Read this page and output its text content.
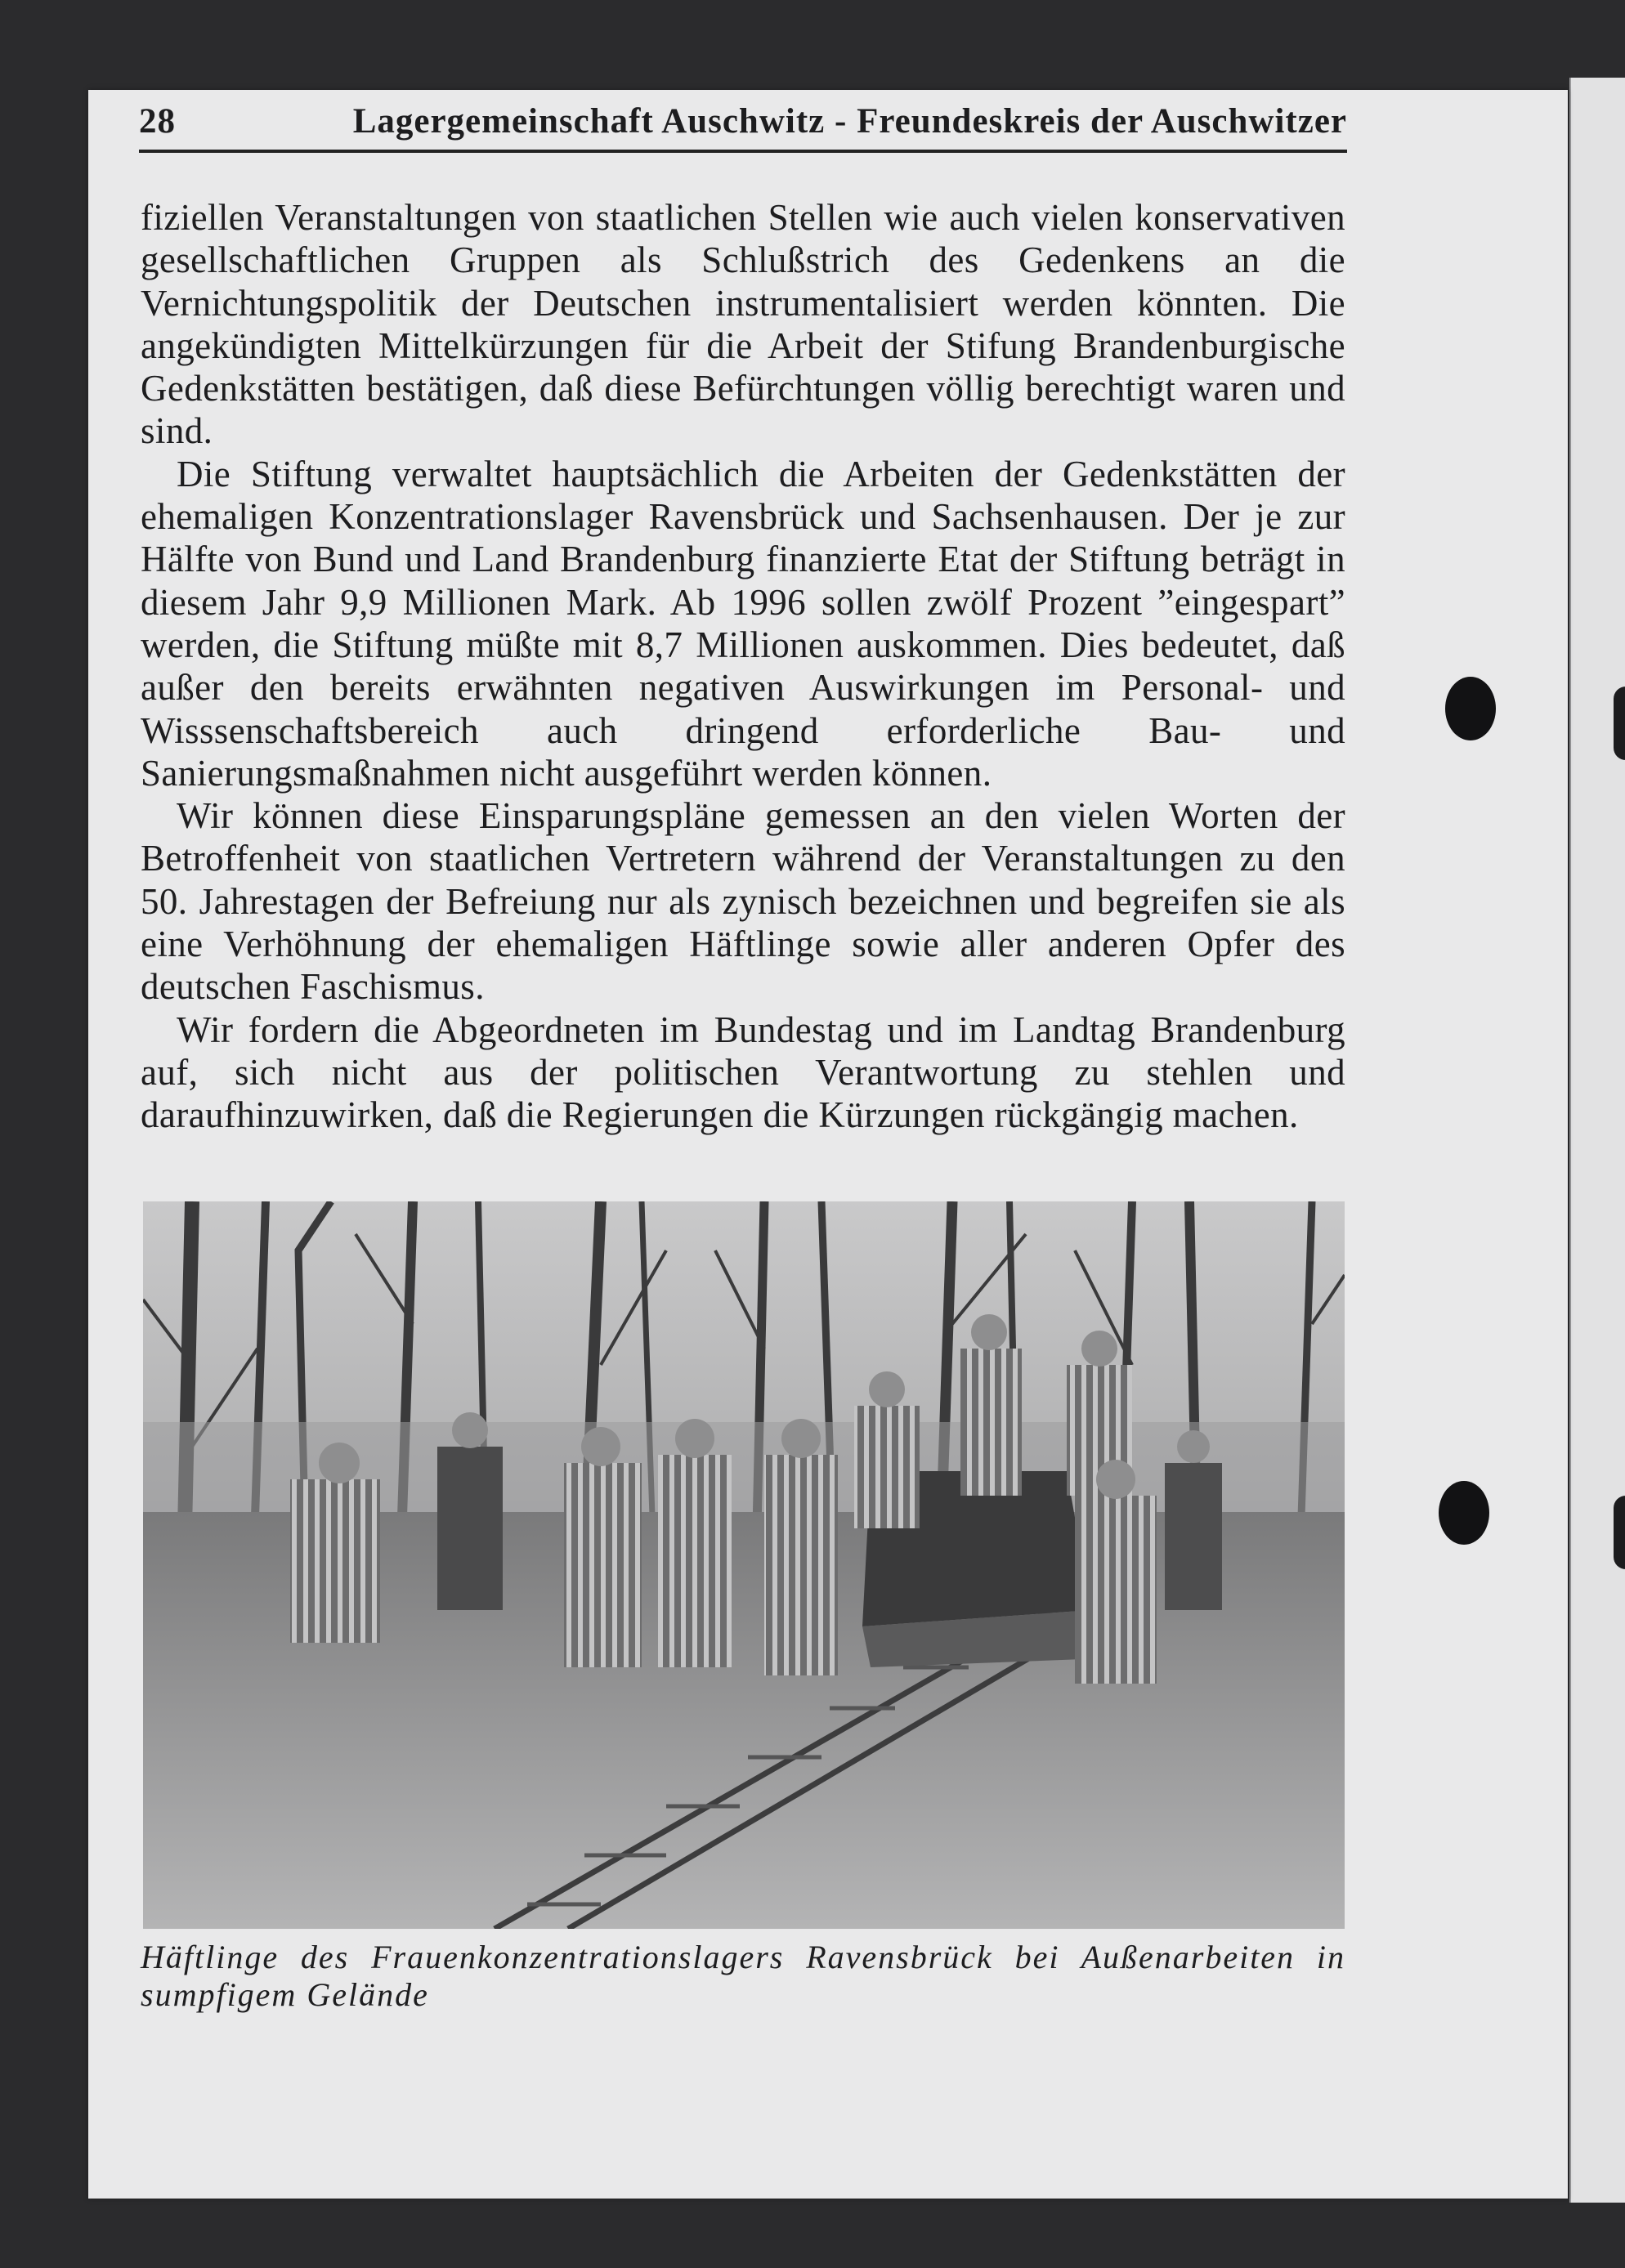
28	Lagergemeinschaft Auschwitz - Freundeskreis der Auschwitzer

fiziellen Veranstaltungen von staatlichen Stellen wie auch vielen konservativen gesellschaftlichen Gruppen als Schlußstrich des Gedenkens an die Vernichtungspolitik der Deutschen instrumentalisiert werden könnten. Die angekündigten Mittelkürzungen für die Arbeit der Stifung Brandenburgische Gedenkstätten bestätigen, daß diese Befürchtungen völlig berechtigt waren und sind.

Die Stiftung verwaltet hauptsächlich die Arbeiten der Gedenkstätten der ehemaligen Konzentrationslager Ravensbrück und Sachsenhausen. Der je zur Hälfte von Bund und Land Brandenburg finanzierte Etat der Stiftung beträgt in diesem Jahr 9,9 Millionen Mark. Ab 1996 sollen zwölf Prozent ”eingespart” werden, die Stiftung müßte mit 8,7 Millionen auskommen. Dies bedeutet, daß außer den bereits erwähnten negativen Auswirkungen im Personal- und Wisssenschaftsbereich auch dringend erforderliche Bau- und Sanierungsmaßnahmen nicht ausgeführt werden können.

Wir können diese Einsparungspläne gemessen an den vielen Worten der Betroffenheit von staatlichen Vertretern während der Veranstaltungen zu den 50. Jahrestagen der Befreiung nur als zynisch bezeichnen und begreifen sie als eine Verhöhnung der ehemaligen Häftlinge sowie aller anderen Opfer des deutschen Faschismus.

Wir fordern die Abgeordneten im Bundestag und im Landtag Brandenburg auf, sich nicht aus der politischen Verantwortung zu stehlen und daraufhinzuwirken, daß die Regierungen die Kürzungen rückgängig machen.

Häftlinge des Frauenkonzentrationslagers Ravensbrück bei Außenarbeiten in sumpfigem Gelände
